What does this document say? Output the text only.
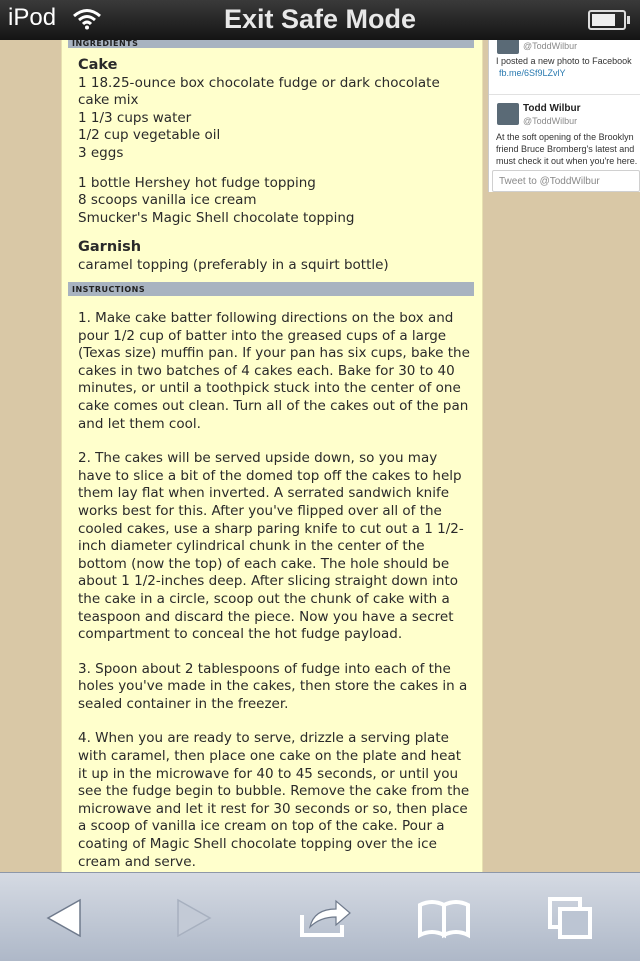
iPod	Exit Safe Mode
INGREDIENTS
Cake
1 18.25-ounce box chocolate fudge or dark chocolate
cake mix
1 1/3 cups water
1/2 cup vegetable oil
3 eggs
1 bottle Hershey hot fudge topping
8 scoops vanilla ice cream
Smucker's Magic Shell chocolate topping
Garnish
caramel topping (preferably in a squirt bottle)
INSTRUCTIONS

1. Make cake batter following directions on the box and pour 1/2 cup of batter into the greased cups of a large (Texas size) muffin pan. If your pan has six cups, bake the cakes in two batches of 4 cakes each. Bake for 30 to 40 minutes, or until a toothpick stuck into the center of one cake comes out clean. Turn all of the cakes out of the pan and let them cool.

2. The cakes will be served upside down, so you may have to slice a bit of the domed top off the cakes to help them lay flat when inverted. A serrated sandwich knife works best for this. After you've flipped over all of the cooled cakes, use a sharp paring knife to cut out a 1 1/2-inch diameter cylindrical chunk in the center of the bottom (now the top) of each cake. The hole should be about 1 1/2-inches deep. After slicing straight down into the cake in a circle, scoop out the chunk of cake with a teaspoon and discard the piece. Now you have a secret compartment to conceal the hot fudge payload.

3. Spoon about 2 tablespoons of fudge into each of the holes you've made in the cakes, then store the cakes in a sealed container in the freezer.

4. When you are ready to serve, drizzle a serving plate with caramel, then place one cake on the plate and heat it up in the microwave for 40 to 45 seconds, or until you see the fudge begin to bubble. Remove the cake from the microwave and let it rest for 30 seconds or so, then place a scoop of vanilla ice cream on top of the cake. Pour a coating of Magic Shell chocolate topping over the ice cream and serve.

@ToddWilbur
I posted a new photo to Facebook
fb.me/6Sf9LZvlY
Todd Wilbur
@ToddWilbur
At the soft opening of the Brooklyn
friend Bruce Bromberg's latest and
must check it out when you're here.
Tweet to @ToddWilbur
